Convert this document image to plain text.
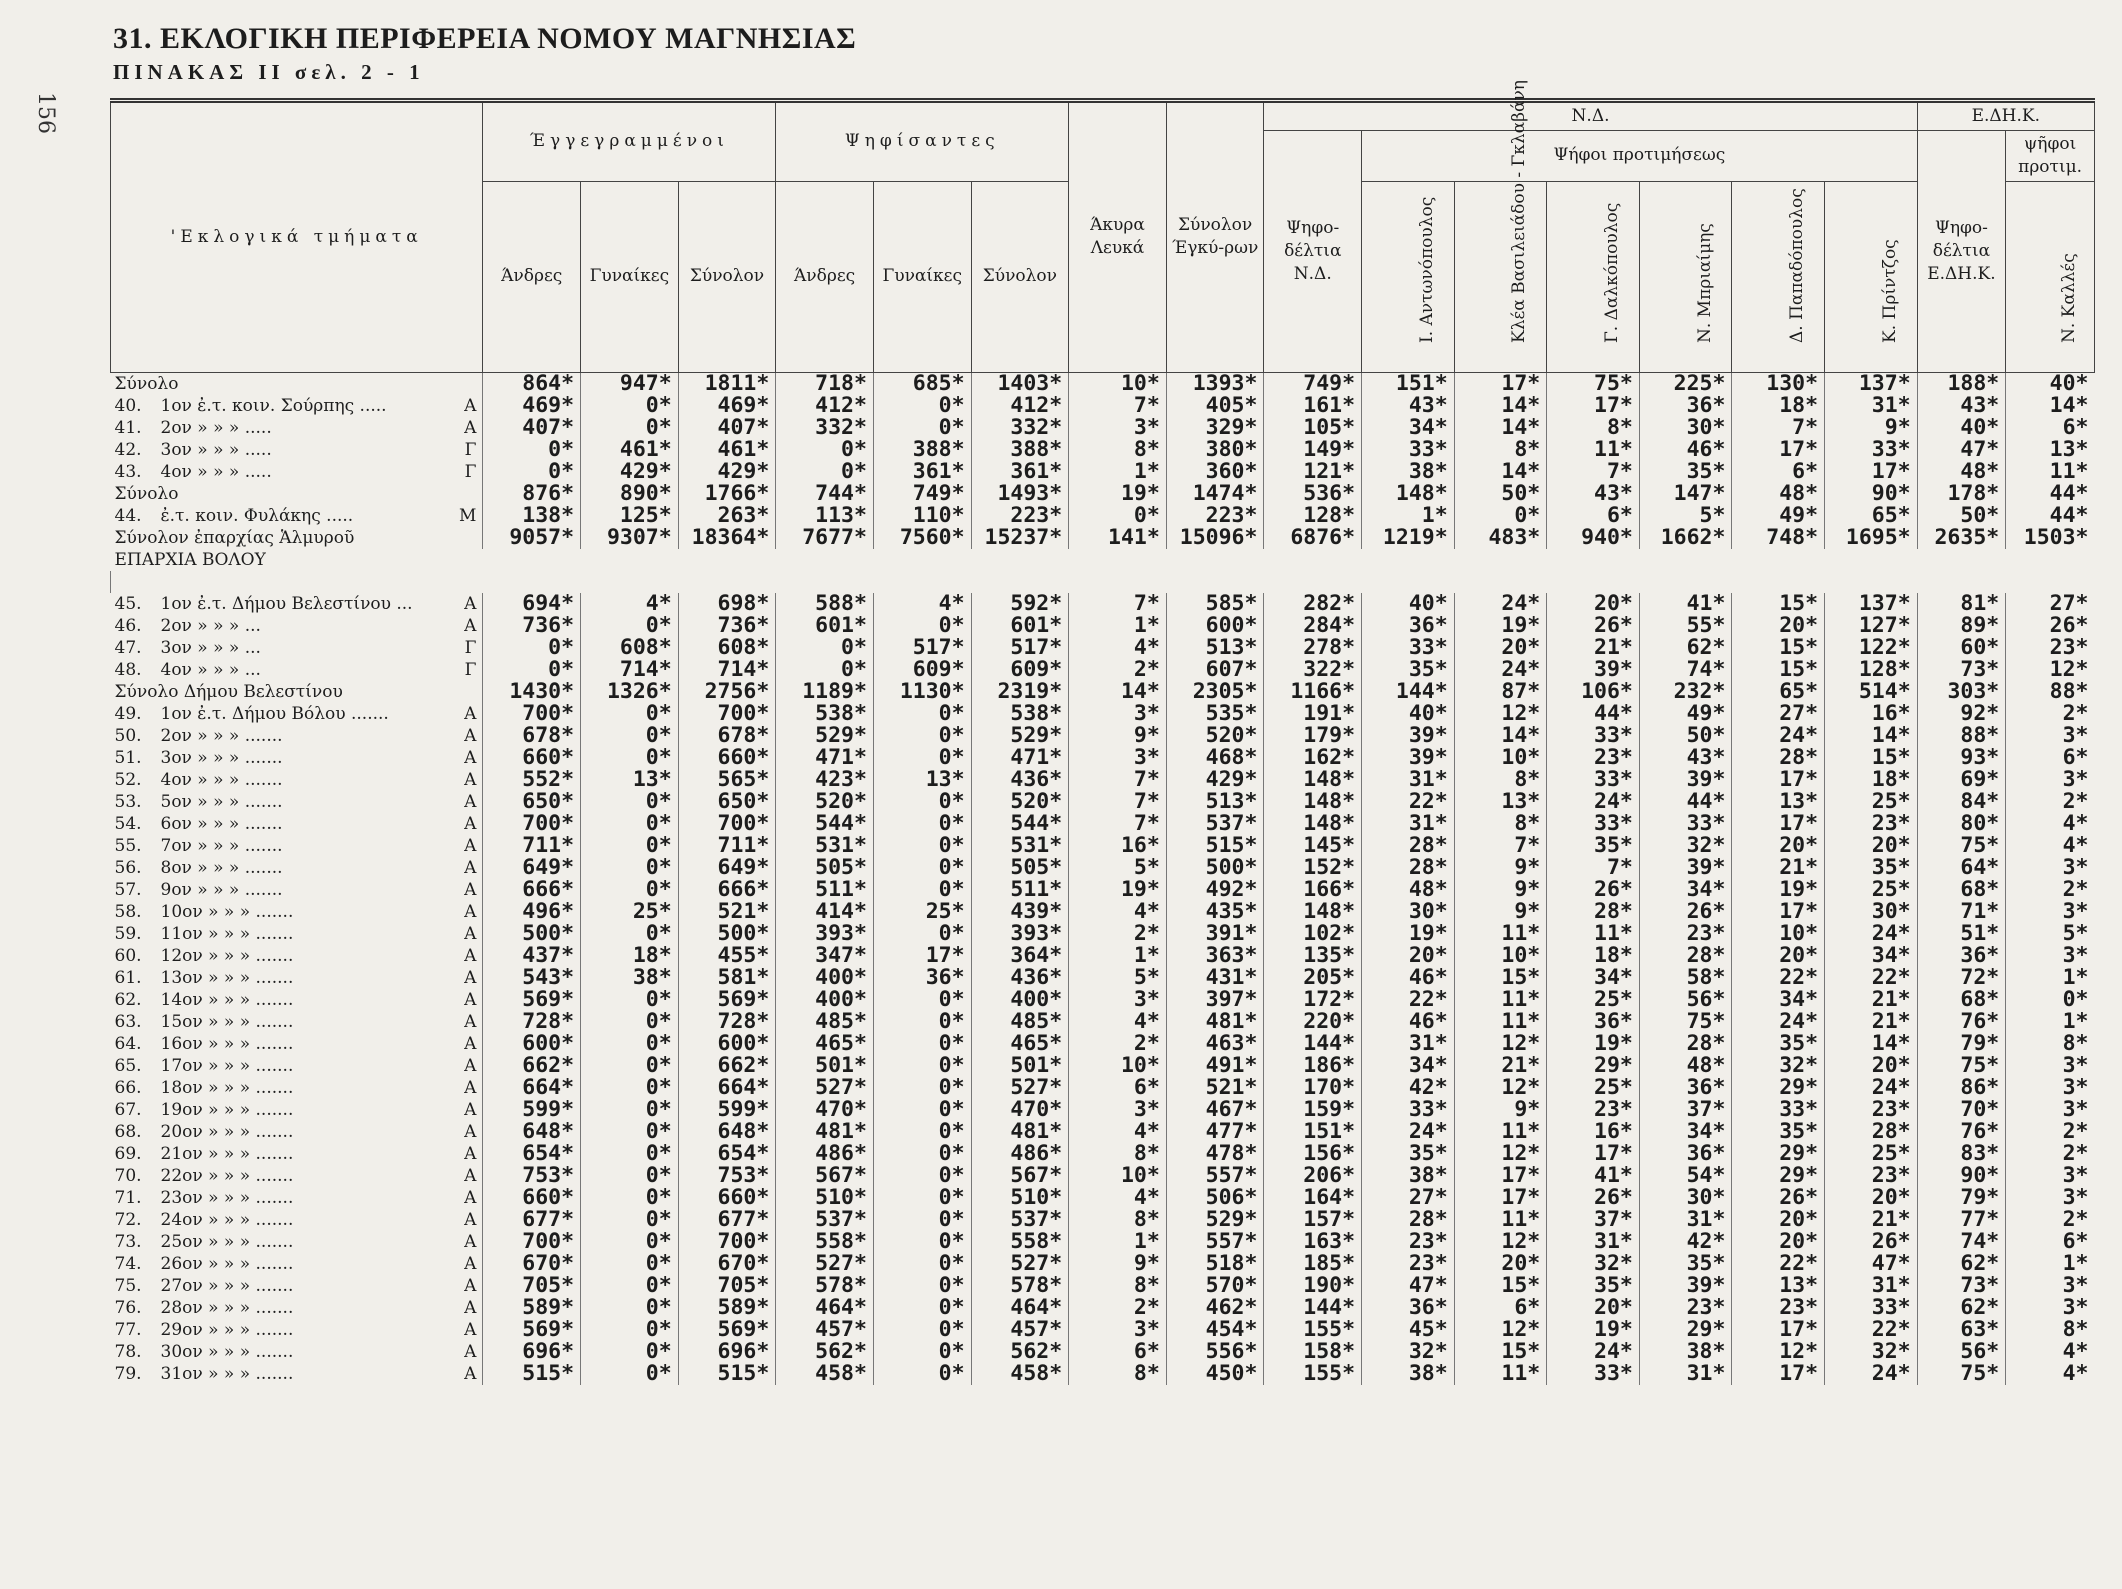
156
31. ΕΚΛΟΓΙΚΗ ΠΕΡΙΦΕΡΕΙΑ ΝΟΜΟΥ ΜΑΓΝΗΣΙΑΣ
ΠΙΝΑΚΑΣ II σελ. 2 - 1
'Εκλογικά τμήματα	Έγγεγραμμένοι			Ψηφίσαντες			Άκυρα Λευκά	Σύνολον Έγκύ-ρων	Ν.Δ.							Ε.ΔΗ.Κ.	
									Ψηφο-δέλτια Ν.Δ.	Ψήφοι προτιμήσεως						Ψηφο-δέλτια Ε.ΔΗ.Κ.	ψῆφοι προτιμ.
	Άνδρες	Γυναίκες	Σύνολον	Άνδρες	Γυναίκες	Σύνολον				Ι. Αντωνόπουλος	Κλέα Βασιλειάδου - Γκλαβάνη	Γ. Δαλκόπουλος	Ν. Μπριαίμης	Δ. Παπαδόπουλος	Κ. Πρίντζος		Ν. Καλλές

Σύνολο	864*	947*	1811*	718*	685*	1403*	10*	1393*	749*	151*	17*	75*	225*	130*	137*	188*	40*
40. 1ον ἐ.τ. κοιν. Σούρπης ..... Α	469*	0*	469*	412*	0*	412*	7*	405*	161*	43*	14*	17*	36*	18*	31*	43*	14*
41. 2ον » » » ..... Α	407*	0*	407*	332*	0*	332*	3*	329*	105*	34*	14*	8*	30*	7*	9*	40*	6*
42. 3ον » » » ..... Γ	0*	461*	461*	0*	388*	388*	8*	380*	149*	33*	8*	11*	46*	17*	33*	47*	13*
43. 4ον » » » ..... Γ	0*	429*	429*	0*	361*	361*	1*	360*	121*	38*	14*	7*	35*	6*	17*	48*	11*
Σύνολο	876*	890*	1766*	744*	749*	1493*	19*	1474*	536*	148*	50*	43*	147*	48*	90*	178*	44*
44. ἐ.τ. κοιν. Φυλάκης ..... Μ	138*	125*	263*	113*	110*	223*	0*	223*	128*	1*	0*	6*	5*	49*	65*	50*	44*
Σύνολον ἐπαρχίας Ἁλμυροῦ	9057*	9307*	18364*	7677*	7560*	15237*	141*	15096*	6876*	1219*	483*	940*	1662*	748*	1695*	2635*	1503*
ΕΠΑΡΧΙΑ ΒΟΛΟΥ																	

45. 1ον ἐ.τ. Δήμου Βελεστίνου ... Α	694*	4*	698*	588*	4*	592*	7*	585*	282*	40*	24*	20*	41*	15*	137*	81*	27*
46. 2ον » » » ... Α	736*	0*	736*	601*	0*	601*	1*	600*	284*	36*	19*	26*	55*	20*	127*	89*	26*
47. 3ον » » » ... Γ	0*	608*	608*	0*	517*	517*	4*	513*	278*	33*	20*	21*	62*	15*	122*	60*	23*
48. 4ον » » » ... Γ	0*	714*	714*	0*	609*	609*	2*	607*	322*	35*	24*	39*	74*	15*	128*	73*	12*
Σύνολο Δήμου Βελεστίνου	1430*	1326*	2756*	1189*	1130*	2319*	14*	2305*	1166*	144*	87*	106*	232*	65*	514*	303*	88*
49. 1ον ἐ.τ. Δήμου Βόλου ....... Α	700*	0*	700*	538*	0*	538*	3*	535*	191*	40*	12*	44*	49*	27*	16*	92*	2*
50. 2ον » » » ....... Α	678*	0*	678*	529*	0*	529*	9*	520*	179*	39*	14*	33*	50*	24*	14*	88*	3*
51. 3ον » » » ....... Α	660*	0*	660*	471*	0*	471*	3*	468*	162*	39*	10*	23*	43*	28*	15*	93*	6*
52. 4ον » » » ....... Α	552*	13*	565*	423*	13*	436*	7*	429*	148*	31*	8*	33*	39*	17*	18*	69*	3*
53. 5ον » » » ....... Α	650*	0*	650*	520*	0*	520*	7*	513*	148*	22*	13*	24*	44*	13*	25*	84*	2*
54. 6ον » » » ....... Α	700*	0*	700*	544*	0*	544*	7*	537*	148*	31*	8*	33*	33*	17*	23*	80*	4*
55. 7ον » » » ....... Α	711*	0*	711*	531*	0*	531*	16*	515*	145*	28*	7*	35*	32*	20*	20*	75*	4*
56. 8ον » » » ....... Α	649*	0*	649*	505*	0*	505*	5*	500*	152*	28*	9*	7*	39*	21*	35*	64*	3*
57. 9ον » » » ....... Α	666*	0*	666*	511*	0*	511*	19*	492*	166*	48*	9*	26*	34*	19*	25*	68*	2*
58. 10ον » » » ....... Α	496*	25*	521*	414*	25*	439*	4*	435*	148*	30*	9*	28*	26*	17*	30*	71*	3*
59. 11ον » » » ....... Α	500*	0*	500*	393*	0*	393*	2*	391*	102*	19*	11*	11*	23*	10*	24*	51*	5*
60. 12ον » » » ....... Α	437*	18*	455*	347*	17*	364*	1*	363*	135*	20*	10*	18*	28*	20*	34*	36*	3*
61. 13ον » » » ....... Α	543*	38*	581*	400*	36*	436*	5*	431*	205*	46*	15*	34*	58*	22*	22*	72*	1*
62. 14ον » » » ....... Α	569*	0*	569*	400*	0*	400*	3*	397*	172*	22*	11*	25*	56*	34*	21*	68*	0*
63. 15ον » » » ....... Α	728*	0*	728*	485*	0*	485*	4*	481*	220*	46*	11*	36*	75*	24*	21*	76*	1*
64. 16ον » » » ....... Α	600*	0*	600*	465*	0*	465*	2*	463*	144*	31*	12*	19*	28*	35*	14*	79*	8*
65. 17ον » » » ....... Α	662*	0*	662*	501*	0*	501*	10*	491*	186*	34*	21*	29*	48*	32*	20*	75*	3*
66. 18ον » » » ....... Α	664*	0*	664*	527*	0*	527*	6*	521*	170*	42*	12*	25*	36*	29*	24*	86*	3*
67. 19ον » » » ....... Α	599*	0*	599*	470*	0*	470*	3*	467*	159*	33*	9*	23*	37*	33*	23*	70*	3*
68. 20ον » » » ....... Α	648*	0*	648*	481*	0*	481*	4*	477*	151*	24*	11*	16*	34*	35*	28*	76*	2*
69. 21ον » » » ....... Α	654*	0*	654*	486*	0*	486*	8*	478*	156*	35*	12*	17*	36*	29*	25*	83*	2*
70. 22ον » » » ....... Α	753*	0*	753*	567*	0*	567*	10*	557*	206*	38*	17*	41*	54*	29*	23*	90*	3*
71. 23ον » » » ....... Α	660*	0*	660*	510*	0*	510*	4*	506*	164*	27*	17*	26*	30*	26*	20*	79*	3*
72. 24ον » » » ....... Α	677*	0*	677*	537*	0*	537*	8*	529*	157*	28*	11*	37*	31*	20*	21*	77*	2*
73. 25ον » » » ....... Α	700*	0*	700*	558*	0*	558*	1*	557*	163*	23*	12*	31*	42*	20*	26*	74*	6*
74. 26ον » » » ....... Α	670*	0*	670*	527*	0*	527*	9*	518*	185*	23*	20*	32*	35*	22*	47*	62*	1*
75. 27ον » » » ....... Α	705*	0*	705*	578*	0*	578*	8*	570*	190*	47*	15*	35*	39*	13*	31*	73*	3*
76. 28ον » » » ....... Α	589*	0*	589*	464*	0*	464*	2*	462*	144*	36*	6*	20*	23*	23*	33*	62*	3*
77. 29ον » » » ....... Α	569*	0*	569*	457*	0*	457*	3*	454*	155*	45*	12*	19*	29*	17*	22*	63*	8*
78. 30ον » » » ....... Α	696*	0*	696*	562*	0*	562*	6*	556*	158*	32*	15*	24*	38*	12*	32*	56*	4*
79. 31ον » » » ....... Α	515*	0*	515*	458*	0*	458*	8*	450*	155*	38*	11*	33*	31*	17*	24*	75*	4*
